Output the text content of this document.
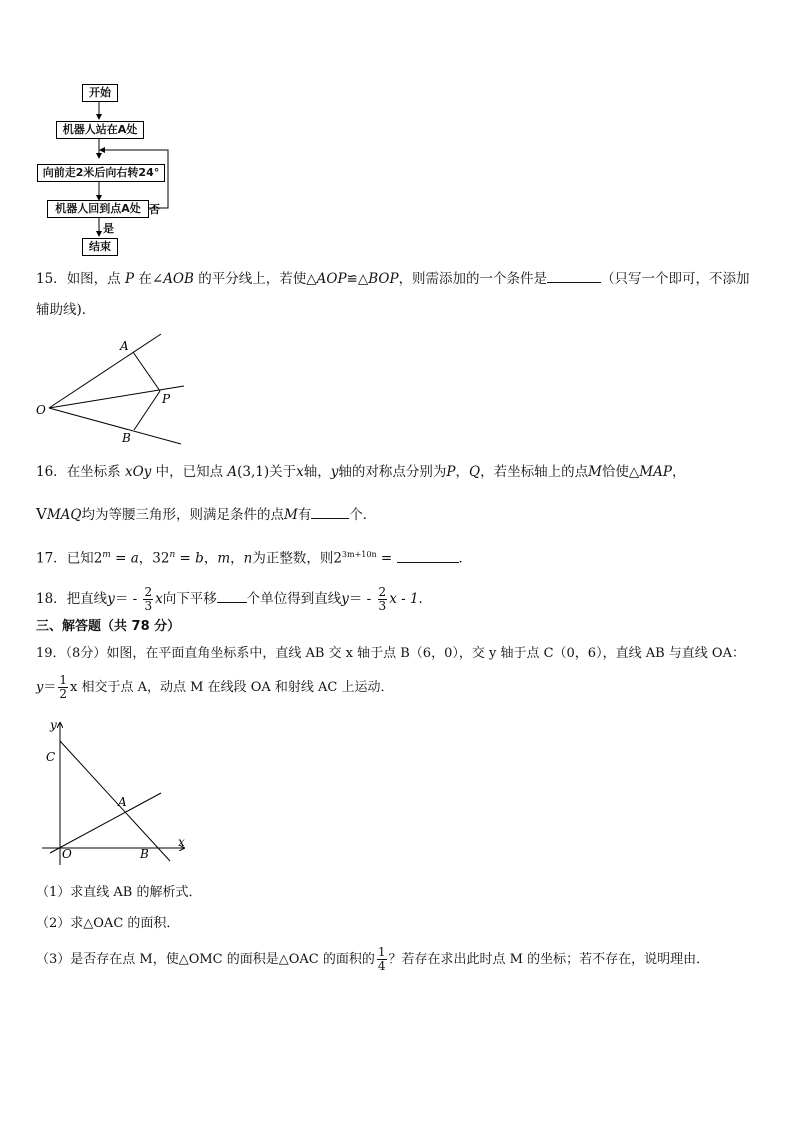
开始
机器人站在A处
向前走2米后向右转24°
机器人回到点A处 否
是
结束
15．如图，点 P 在∠AOB 的平分线上，若使△AOP≌△BOP，则需添加的一个条件是	（只写一个即可，不添加
辅助线)．
A
O
P
B
16．在坐标系 xOy 中，已知点 A(3,1)关于x轴，y轴的对称点分别为P，Q，若坐标轴上的点M恰使△MAP，
VMAQ均为等腰三角形，则满足条件的点M有	个．
17．已知$2^m = a$，$32^n = b$，m，n为正整数，则$2^{3m+10n}$ =	．
18．把直线$y= - \frac{2}{3}$ x向下平移 个单位得到直线$y= - \frac{2}{3}$ x - 1．
三、解答题（共 78 分）
19．（8分）如图，在平面直角坐标系中，直线 AB 交 x 轴于点 B（6，0），交 y 轴于点 C（0，6），直线 AB 与直线 OA：
$y= \frac{1}{2}$ x 相交于点 A，动点 M 在线段 OA 和射线 AC 上运动．
y
x
C
A
O	B
（1）求直线 AB 的解析式．
（2）求△OAC 的面积．
（3）是否存在点 M，使△OMC 的面积是△OAC 的面积的 $\frac{1}{4}$ ？若存在求出此时点 M 的坐标；若不存在，说明理由．
